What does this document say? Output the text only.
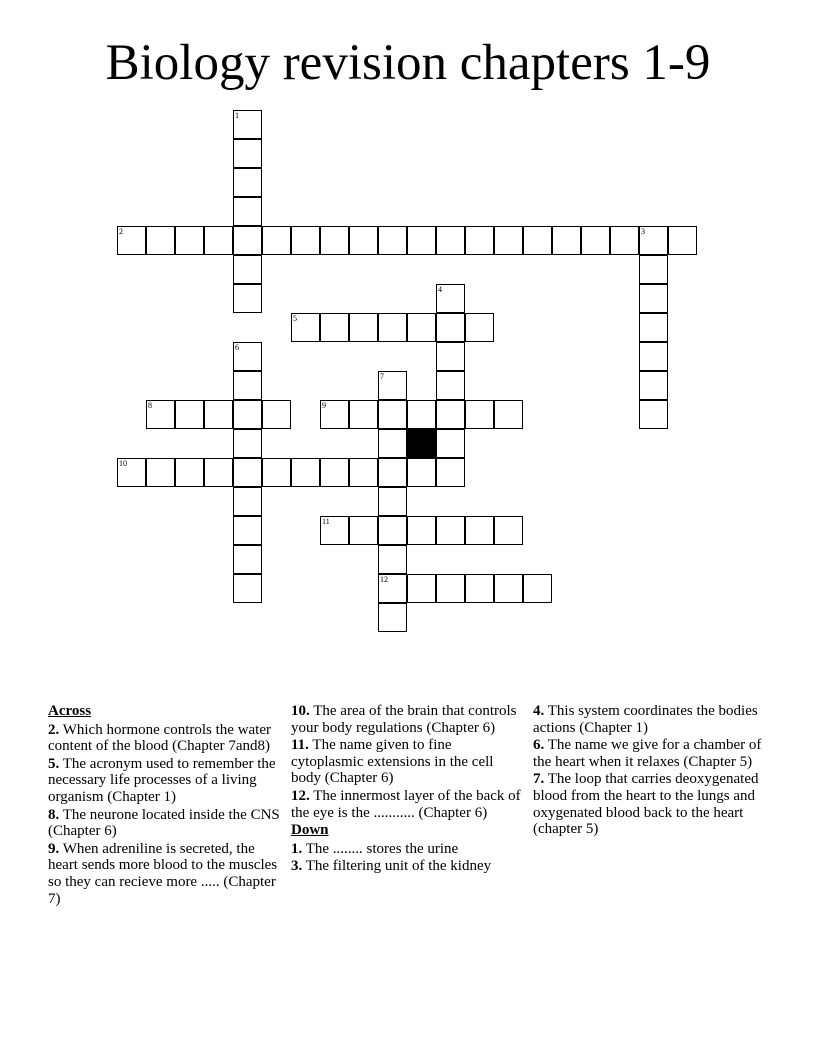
Biology revision chapters 1-9
1
2	3
4
5
6
7
12
8	9
10
11

Across

2. Which hormone controls the water content of the blood (Chapter 7and8)

5. The acronym used to remember the necessary life processes of a living organism (Chapter 1)

8. The neurone located inside the CNS (Chapter 6)

9. When adreniline is secreted, the heart sends more blood to the muscles so they can recieve more ..... (Chapter 7)

10. The area of the brain that controls your body regulations (Chapter 6)

11. The name given to fine cytoplasmic extensions in the cell body (Chapter 6)

12. The innermost layer of the back of the eye is the ........... (Chapter 6)

Down

1. The ........ stores the urine

3. The filtering unit of the kidney

4. This system coordinates the bodies actions (Chapter 1)

6. The name we give for a chamber of the heart when it relaxes (Chapter 5)

7. The loop that carries deoxygenated blood from the heart to the lungs and oxygenated blood back to the heart (chapter 5)
